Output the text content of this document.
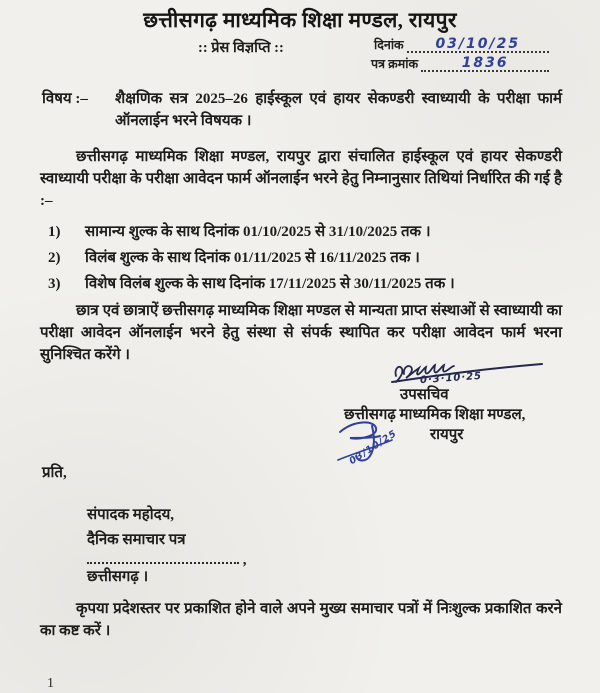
छत्तीसगढ़ माध्यमिक शिक्षा मण्डल, रायपुर
:: प्रेस विज्ञप्ति ::	दिनांक 03/10/25
पत्र क्रमांक	1836
विषय :– शैक्षणिक सत्र 2025–26 हाईस्कूल एवं हायर सेकण्डरी स्वाध्यायी के परीक्षा फार्म ऑनलाईन भरने विषयक ।
छत्तीसगढ़ माध्यमिक शिक्षा मण्डल, रायपुर द्वारा संचालित हाईस्कूल एवं हायर सेकण्डरी स्वाध्यायी परीक्षा के परीक्षा आवेदन फार्म ऑनलाईन भरने हेतु निम्नानुसार तिथियां निर्धारित की गई है :–
1)	सामान्य शुल्क के साथ दिनांक 01/10/2025 से 31/10/2025 तक ।
2)	विलंब शुल्क के साथ दिनांक 01/11/2025 से 16/11/2025 तक ।
3)	विशेष विलंब शुल्क के साथ दिनांक 17/11/2025 से 30/11/2025 तक ।
छात्र एवं छात्राऐं छत्तीसगढ़ माध्यमिक शिक्षा मण्डल से मान्यता प्राप्त संस्थाओं से स्वाध्यायी का परीक्षा आवेदन ऑनलाईन भरने हेतु संस्था से संपर्क स्थापित कर परीक्षा आवेदन फार्म भरना सुनिश्चित करेंगे ।
0·3·10·25
उपसचिव
छत्तीसगढ़ माध्यमिक शिक्षा मण्डल,
03/10/25 रायपुर
प्रति,
संपादक महोदय,
दैनिक समाचार पत्र
,
छत्तीसगढ़ ।
कृपया प्रदेशस्तर पर प्रकाशित होने वाले अपने मुख्य समाचार पत्रों में निःशुल्क प्रकाशित करने का कष्ट करें ।
1
